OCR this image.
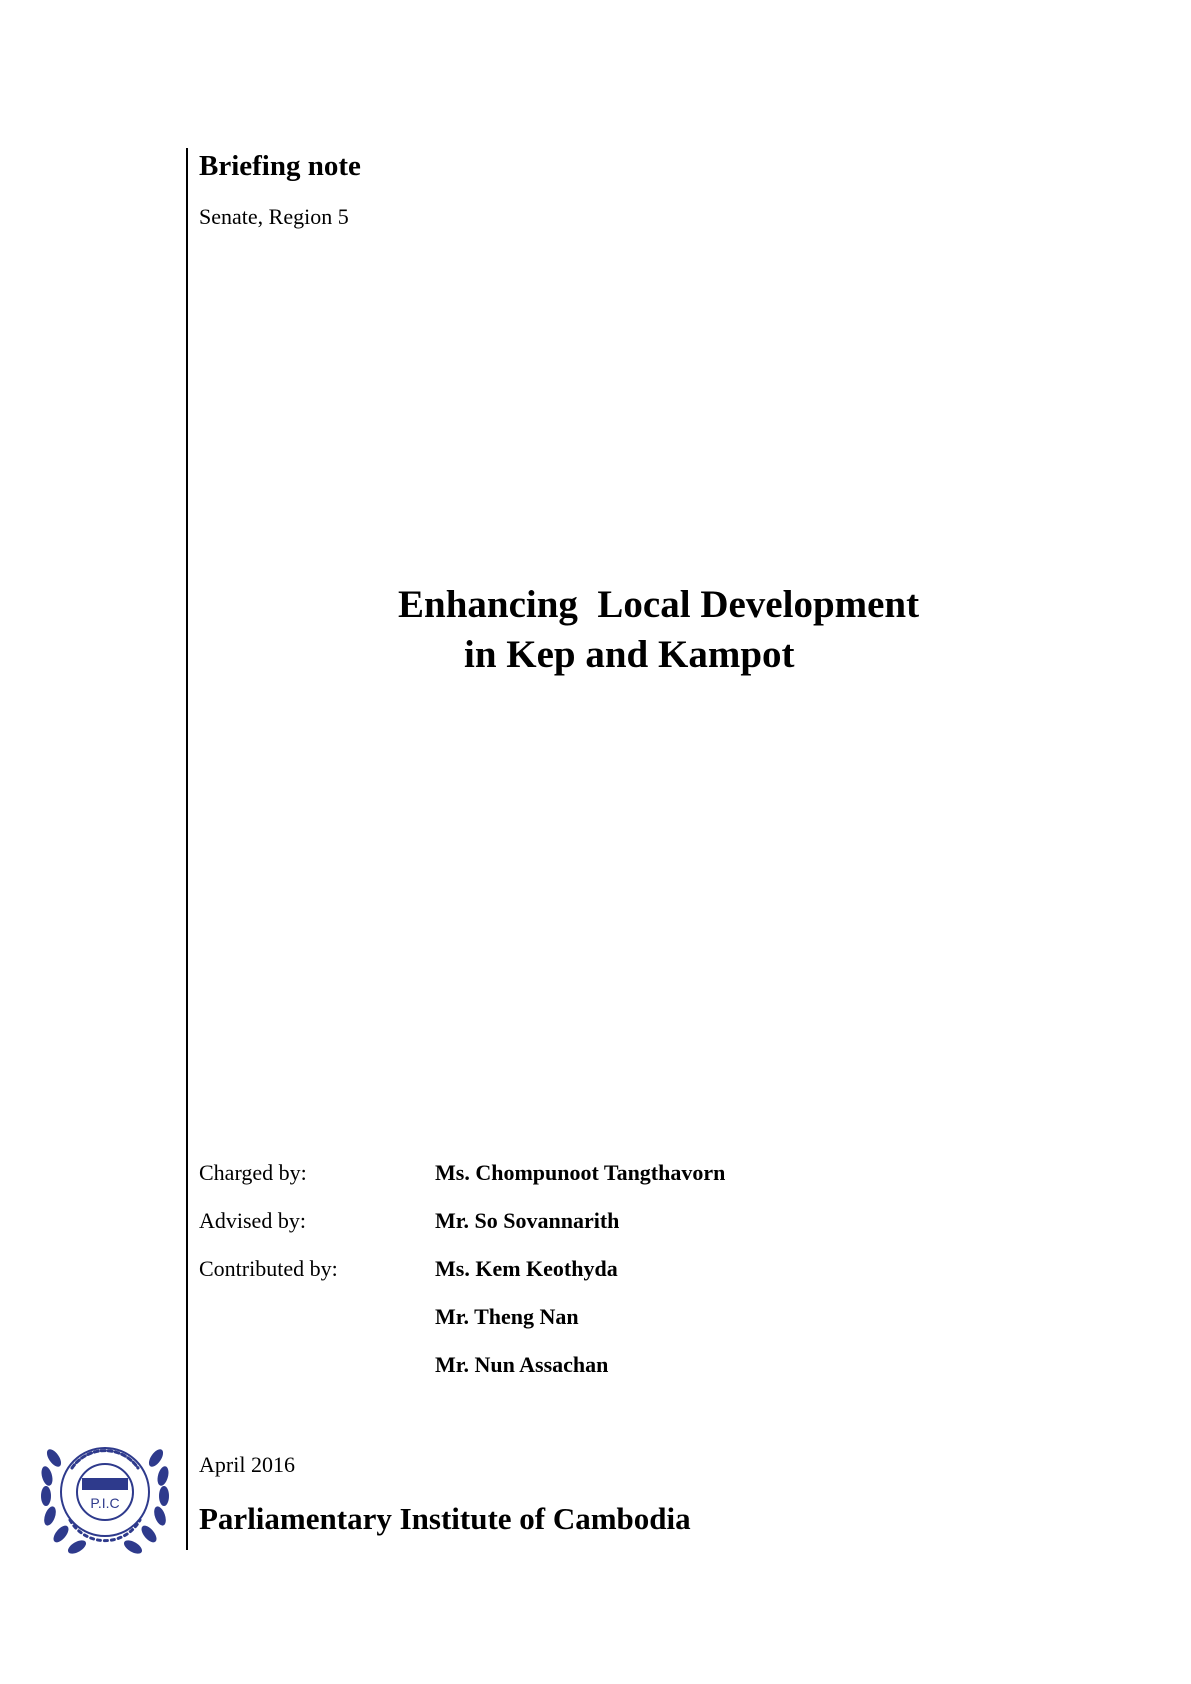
Briefing note
Senate, Region 5
Enhancing  Local Development
in Kep and Kampot
Charged by:	Ms. Chompunoot Tangthavorn
Advised by:	Mr. So Sovannarith
Contributed by:	Ms. Kem Keothyda
Mr. Theng Nan
Mr. Nun Assachan
P.I.C
April 2016
Parliamentary Institute of Cambodia
